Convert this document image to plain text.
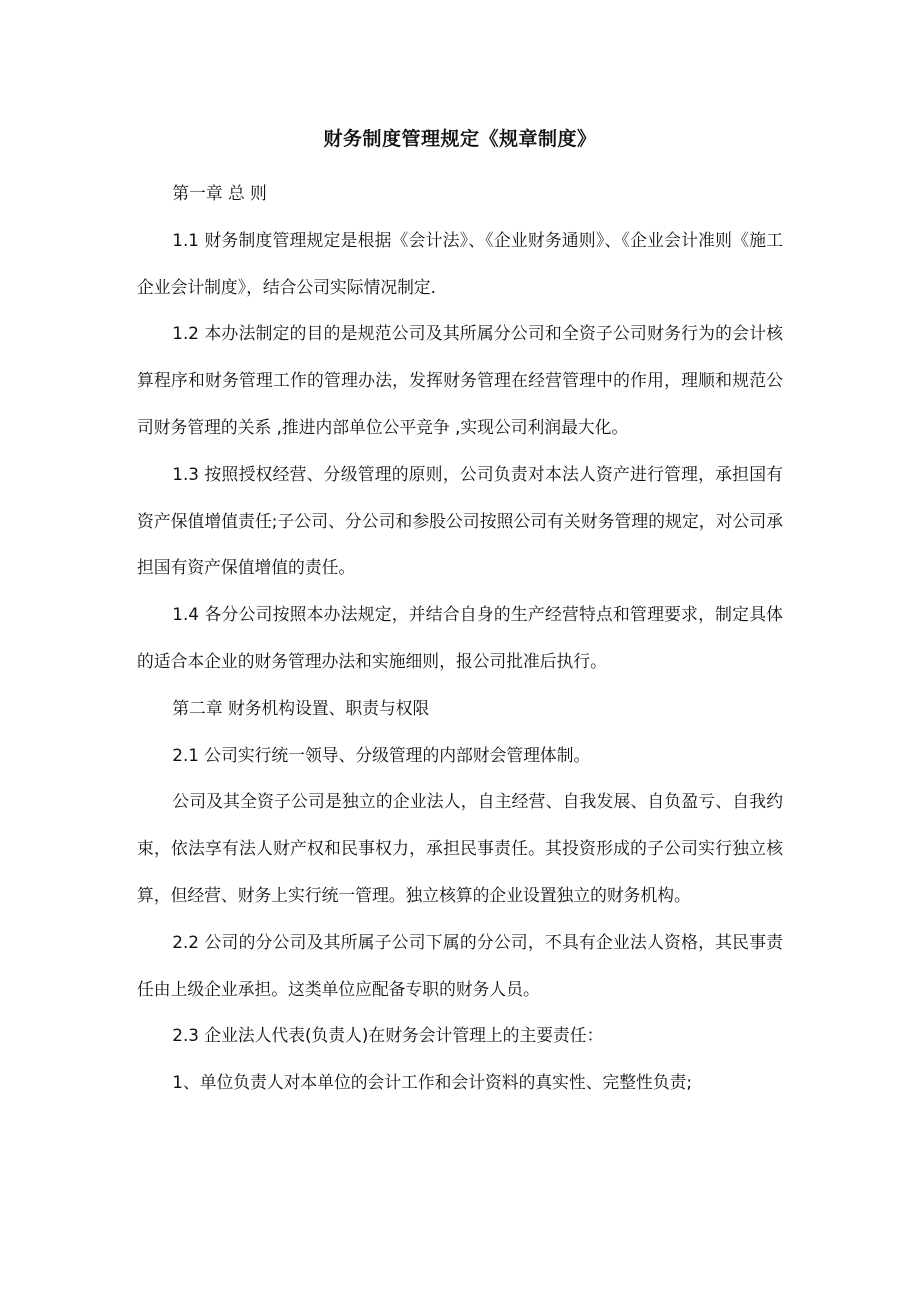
财务制度管理规定《规章制度》

第一章 总 则

1.1 财务制度管理规定是根据《会计法》、《企业财务通则》、《企业会计准则《施工企业会计制度》，结合公司实际情况制定.

1.2 本办法制定的目的是规范公司及其所属分公司和全资子公司财务行为的会计核算程序和财务管理工作的管理办法，发挥财务管理在经营管理中的作用，理顺和规范公司财务管理的关系 ,推进内部单位公平竞争 ,实现公司利润最大化。

1.3 按照授权经营、分级管理的原则，公司负责对本法人资产进行管理，承担国有资产保值增值责任;子公司、分公司和参股公司按照公司有关财务管理的规定，对公司承担国有资产保值增值的责任。

1.4 各分公司按照本办法规定，并结合自身的生产经营特点和管理要求，制定具体的适合本企业的财务管理办法和实施细则，报公司批准后执行。

第二章 财务机构设置、职责与权限

2.1 公司实行统一领导、分级管理的内部财会管理体制。

公司及其全资子公司是独立的企业法人，自主经营、自我发展、自负盈亏、自我约束，依法享有法人财产权和民事权力，承担民事责任。其投资形成的子公司实行独立核算，但经营、财务上实行统一管理。独立核算的企业设置独立的财务机构。

2.2 公司的分公司及其所属子公司下属的分公司，不具有企业法人资格，其民事责任由上级企业承担。这类单位应配备专职的财务人员。

2.3 企业法人代表(负责人)在财务会计管理上的主要责任：

1、单位负责人对本单位的会计工作和会计资料的真实性、完整性负责;
